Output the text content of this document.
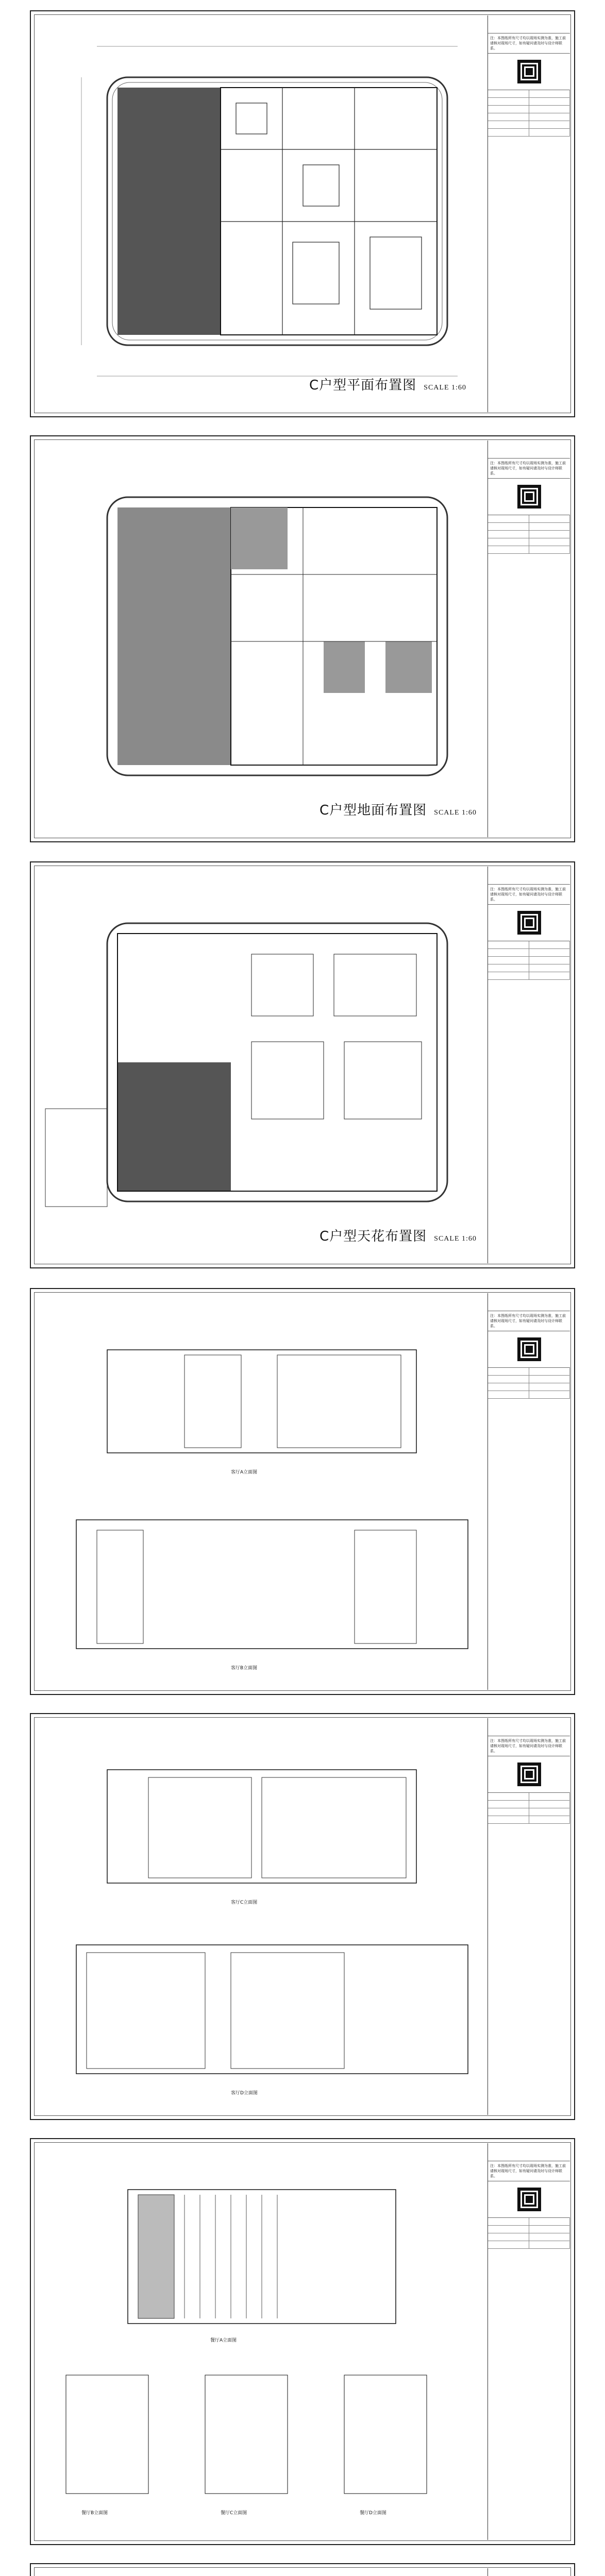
C户型平面布置图 SCALE 1:60
注：本图纸所有尺寸均以现场实测为准，施工前请核对现场尺寸，如有疑问请及时与设计师联系。
C户型地面布置图 SCALE 1:60
注：本图纸所有尺寸均以现场实测为准，施工前请核对现场尺寸，如有疑问请及时与设计师联系。
C户型天花布置图 SCALE 1:60
注：本图纸所有尺寸均以现场实测为准，施工前请核对现场尺寸，如有疑问请及时与设计师联系。
客厅A立面图
客厅B立面图
注：本图纸所有尺寸均以现场实测为准，施工前请核对现场尺寸，如有疑问请及时与设计师联系。
客厅C立面图
客厅D立面图
注：本图纸所有尺寸均以现场实测为准，施工前请核对现场尺寸，如有疑问请及时与设计师联系。
餐厅A立面图
餐厅B立面图	餐厅C立面图	餐厅D立面图
注：本图纸所有尺寸均以现场实测为准，施工前请核对现场尺寸，如有疑问请及时与设计师联系。
